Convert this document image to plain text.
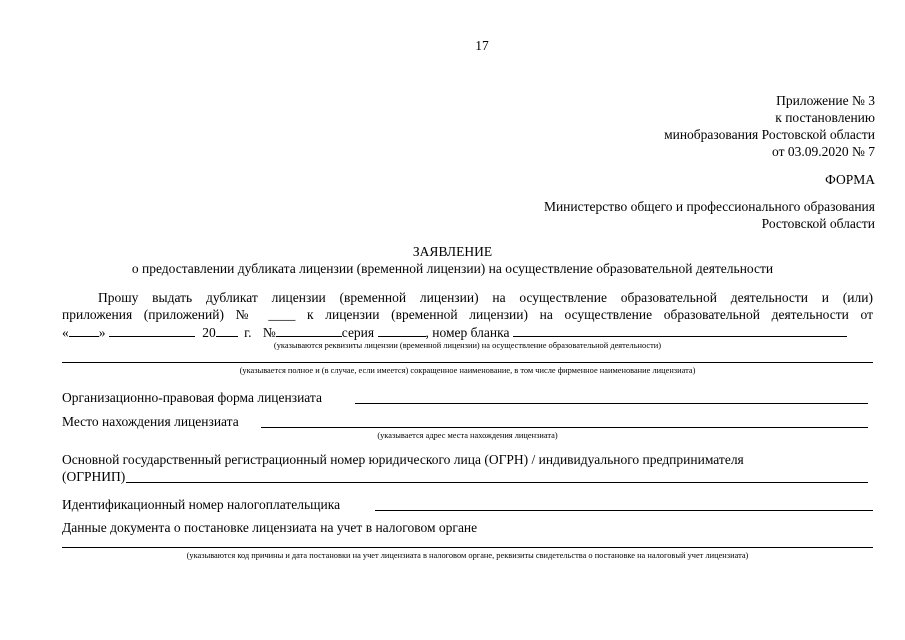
17
Приложение № 3
к постановлению
минобразования Ростовской области
от 03.09.2020 № 7
ФОРМА
Министерство общего и профессионального образования
Ростовской области
ЗАЯВЛЕНИЕ
о предоставлении дубликата лицензии (временной лицензии) на осуществление образовательной деятельности
Прошу выдать дубликат лицензии (временной лицензии) на осуществление образовательной деятельности и (или)
приложения (приложений) № ____ к лицензии (временной лицензии) на осуществление образовательной деятельности от
« »	20 г. №	серия	, номер бланка
(указываются реквизиты лицензии (временной лицензии) на осуществление образовательной деятельности)
(указывается полное и (в случае, если имеется) сокращенное наименование, в том числе фирменное наименование лицензиата)
Организационно-правовая форма лицензиата
Место нахождения лицензиата
(указывается адрес места нахождения лицензиата)
Основной государственный регистрационный номер юридического лица (ОГРН) / индивидуального предпринимателя
(ОГРНИП)
Идентификационный номер налогоплательщика
Данные документа о постановке лицензиата на учет в налоговом органе
(указываются код причины и дата постановки на учет лицензиата в налоговом органе, реквизиты свидетельства о постановке на налоговый учет лицензиата)
